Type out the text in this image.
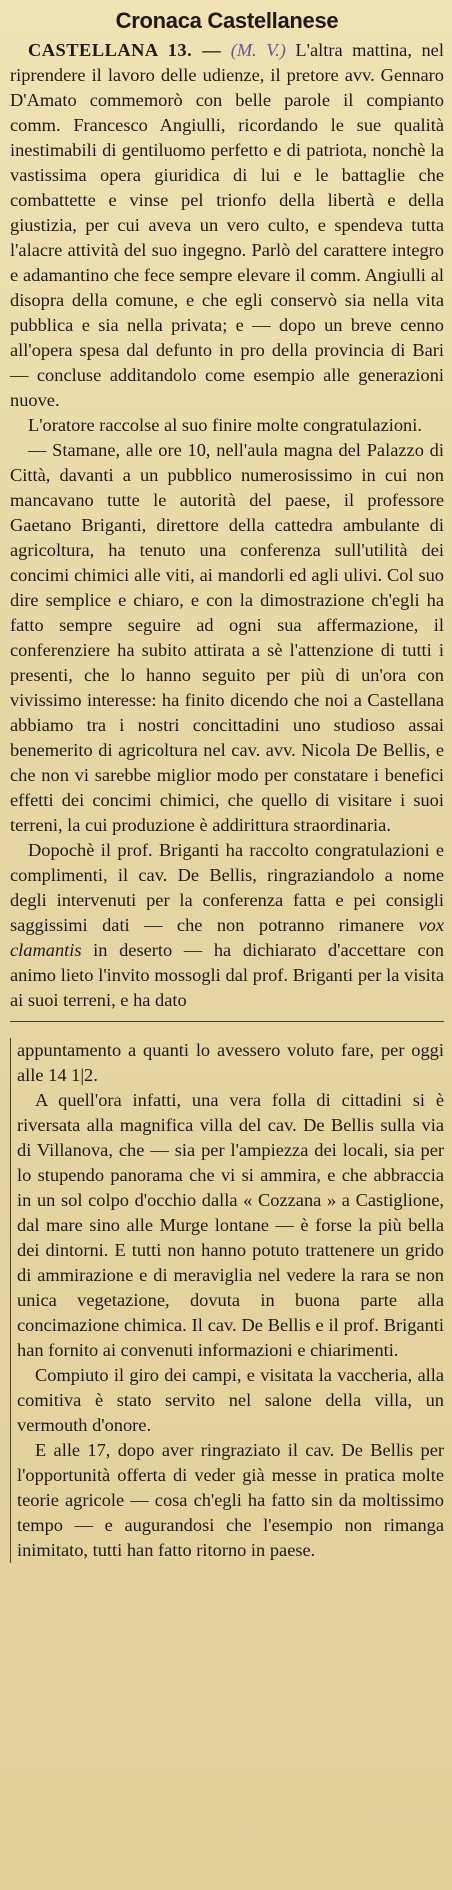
Cronaca Castellanese

CASTELLANA 13. — (M. V.) L'altra mattina, nel riprendere il lavoro delle udienze, il pretore avv. Gennaro D'Amato commemorò con belle parole il compianto comm. Francesco Angiulli, ricordando le sue qualità inestimabili di gentiluomo perfetto e di patriota, nonchè la vastissima opera giuridica di lui e le battaglie che combattette e vinse pel trionfo della libertà e della giustizia, per cui aveva un vero culto, e spendeva tutta l'alacre attività del suo ingegno. Parlò del carattere integro e adamantino che fece sempre elevare il comm. Angiulli al disopra della comune, e che egli conservò sia nella vita pubblica e sia nella privata; e — dopo un breve cenno all'opera spesa dal defunto in pro della provincia di Bari — concluse additandolo come esempio alle generazioni nuove.

L'oratore raccolse al suo finire molte congratulazioni.

— Stamane, alle ore 10, nell'aula magna del Palazzo di Città, davanti a un pubblico numerosissimo in cui non mancavano tutte le autorità del paese, il professore Gaetano Briganti, direttore della cattedra ambulante di agricoltura, ha tenuto una conferenza sull'utilità dei concimi chimici alle viti, ai mandorli ed agli ulivi. Col suo dire semplice e chiaro, e con la dimostrazione ch'egli ha fatto sempre seguire ad ogni sua affermazione, il conferenziere ha subito attirata a sè l'attenzione di tutti i presenti, che lo hanno seguito per più di un'ora con vivissimo interesse: ha finito dicendo che noi a Castellana abbiamo tra i nostri concittadini uno studioso assai benemerito di agricoltura nel cav. avv. Nicola De Bellis, e che non vi sarebbe miglior modo per constatare i benefici effetti dei concimi chimici, che quello di visitare i suoi terreni, la cui produzione è addirittura straordinaria.

Dopochè il prof. Briganti ha raccolto congratulazioni e complimenti, il cav. De Bellis, ringraziandolo a nome degli intervenuti per la conferenza fatta e pei consigli saggissimi dati — che non potranno rimanere vox clamantis in deserto — ha dichiarato d'accettare con animo lieto l'invito mossogli dal prof. Briganti per la visita ai suoi terreni, e ha dato

appuntamento a quanti lo avessero voluto fare, per oggi alle 14 1|2.

A quell'ora infatti, una vera folla di cittadini si è riversata alla magnifica villa del cav. De Bellis sulla via di Villanova, che — sia per l'ampiezza dei locali, sia per lo stupendo panorama che vi si ammira, e che abbraccia in un sol colpo d'occhio dalla « Cozzana » a Castiglione, dal mare sino alle Murge lontane — è forse la più bella dei dintorni. E tutti non hanno potuto trattenere un grido di ammirazione e di meraviglia nel vedere la rara se non unica vegetazione, dovuta in buona parte alla concimazione chimica. Il cav. De Bellis e il prof. Briganti han fornito ai convenuti informazioni e chiarimenti.

Compiuto il giro dei campi, e visitata la vaccheria, alla comitiva è stato servito nel salone della villa, un vermouth d'onore.

E alle 17, dopo aver ringraziato il cav. De Bellis per l'opportunità offerta di veder già messe in pratica molte teorie agricole — cosa ch'egli ha fatto sin da moltissimo tempo — e augurandosi che l'esempio non rimanga inimitato, tutti han fatto ritorno in paese.
